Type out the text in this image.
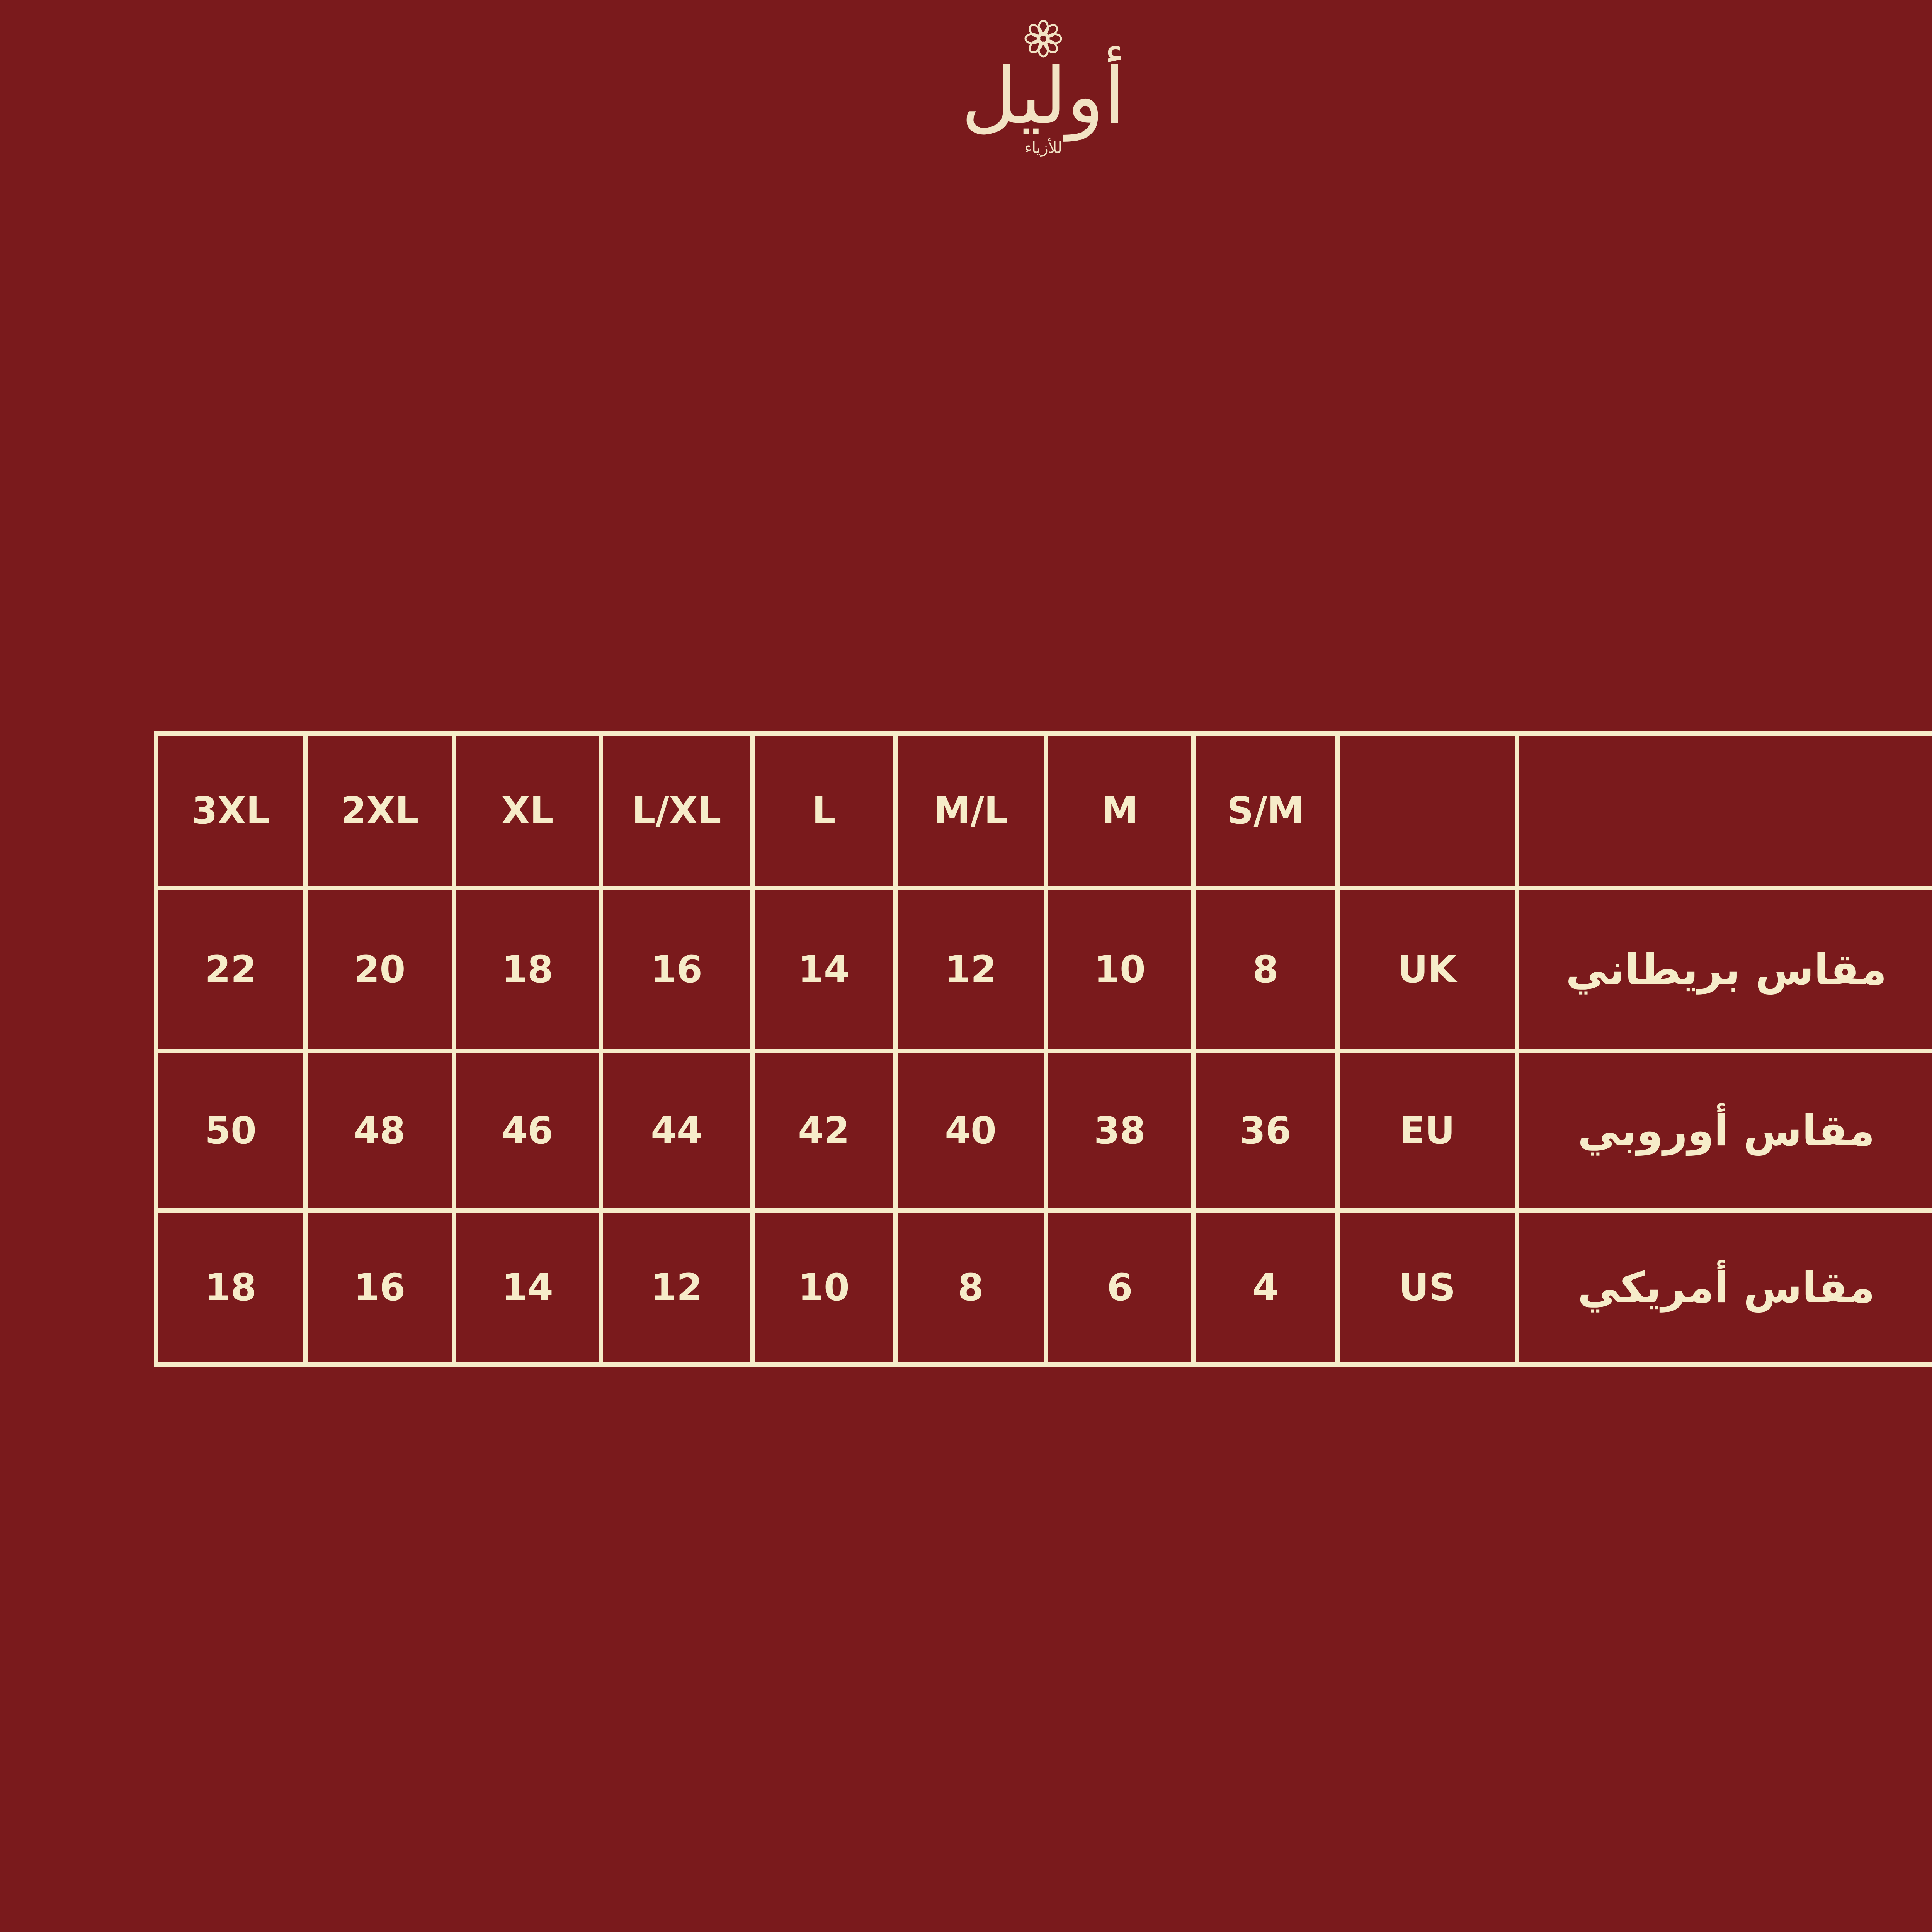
أوليل
للأزياء
3XL	2XL	XL	L/XL	L	M/L	M	S/M		
22	20	18	16	14	12	10	8	UK	مقاس بريطاني
50	48	46	44	42	40	38	36	EU	مقاس أوروبي
18	16	14	12	10	8	6	4	US	مقاس أمريكي
